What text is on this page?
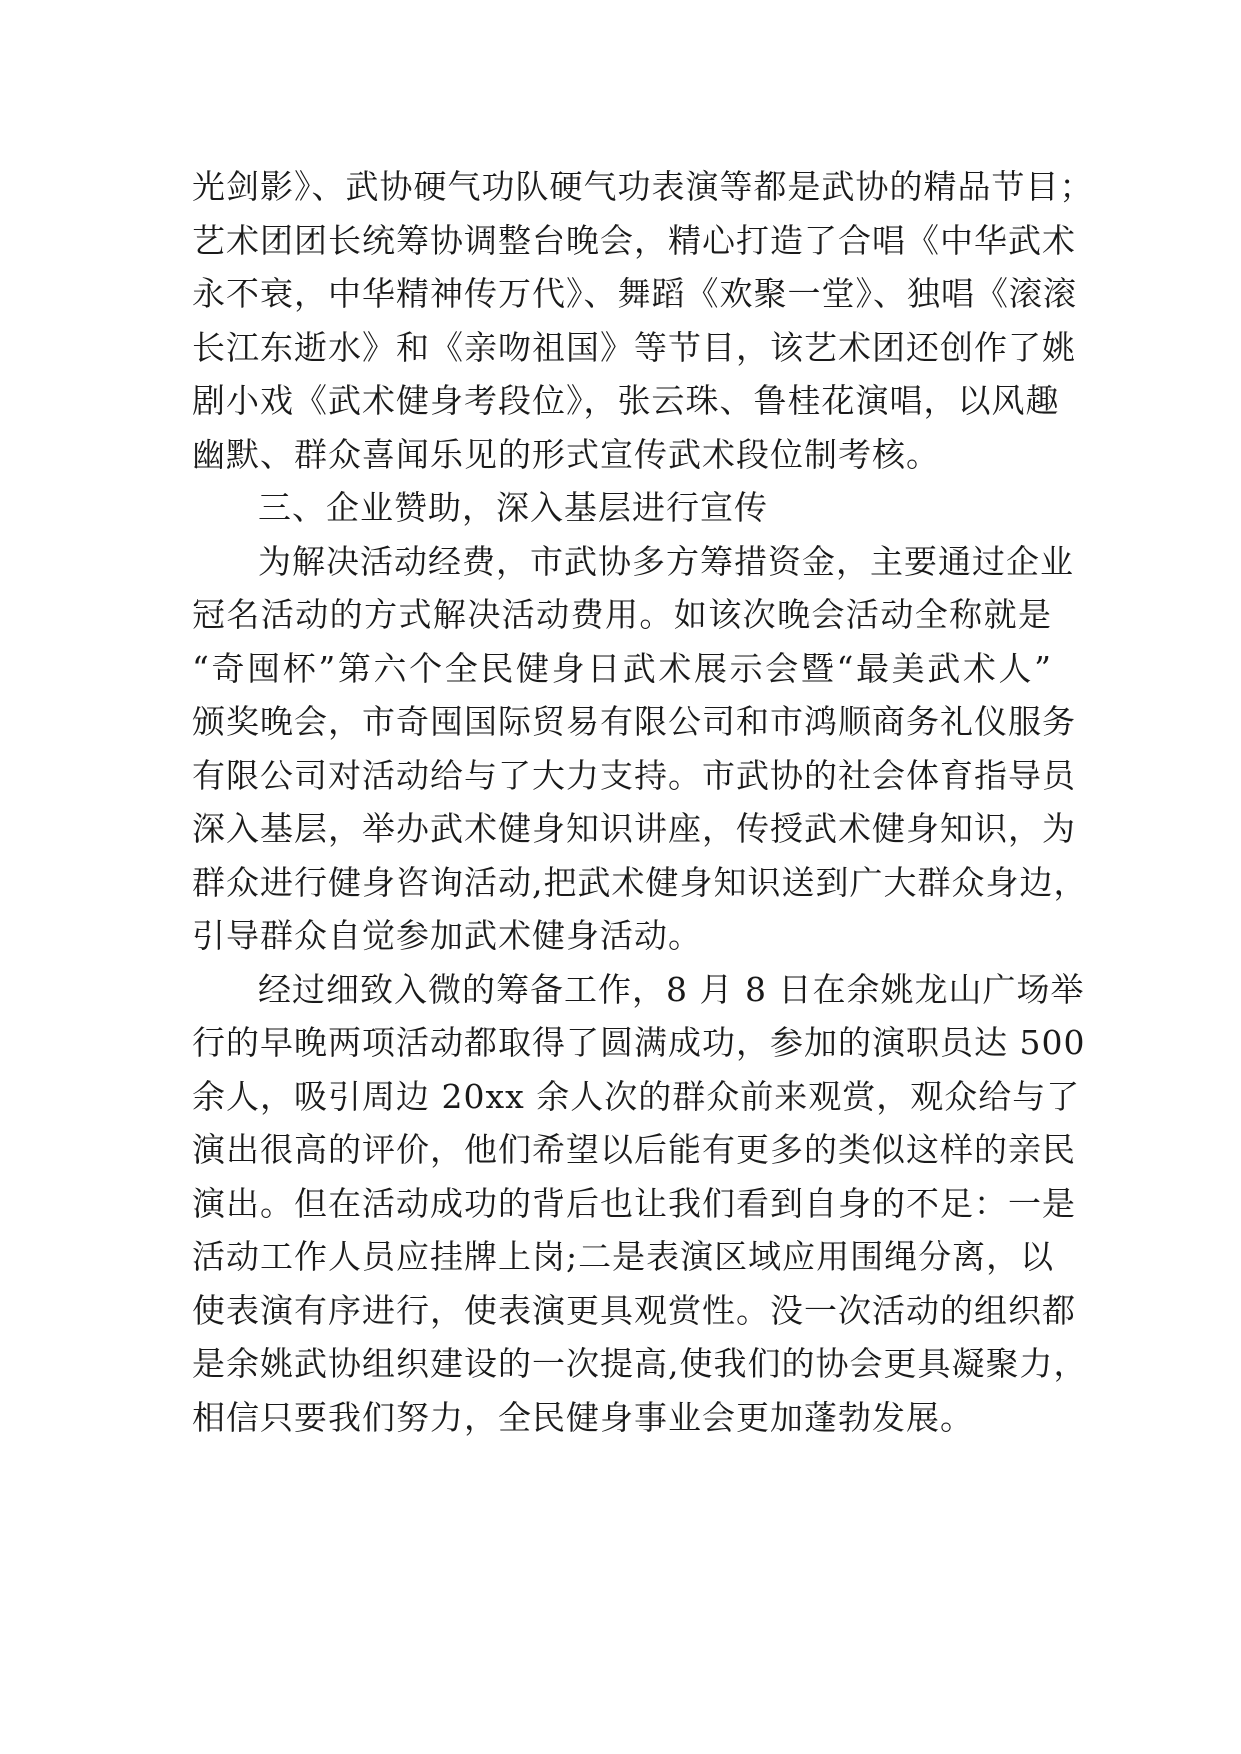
光剑影》、武协硬气功队硬气功表演等都是武协的精品节目；
艺术团团长统筹协调整台晚会，精心打造了合唱《中华武术
永不衰，中华精神传万代》、舞蹈《欢聚一堂》、独唱《滚滚
长江东逝水》和《亲吻祖国》等节目，该艺术团还创作了姚
剧小戏《武术健身考段位》，张云珠、鲁桂花演唱，以风趣
幽默、群众喜闻乐见的形式宣传武术段位制考核。
三、企业赞助，深入基层进行宣传
为解决活动经费，市武协多方筹措资金，主要通过企业
冠名活动的方式解决活动费用。如该次晚会活动全称就是
“奇囤杯”第六个全民健身日武术展示会暨“最美武术人”
颁奖晚会，市奇囤国际贸易有限公司和市鸿顺商务礼仪服务
有限公司对活动给与了大力支持。市武协的社会体育指导员
深入基层，举办武术健身知识讲座，传授武术健身知识，为
群众进行健身咨询活动,把武术健身知识送到广大群众身边，
引导群众自觉参加武术健身活动。
经过细致入微的筹备工作，8 月 8 日在余姚龙山广场举
行的早晚两项活动都取得了圆满成功，参加的演职员达 500
余人，吸引周边 20xx 余人次的群众前来观赏，观众给与了
演出很高的评价，他们希望以后能有更多的类似这样的亲民
演出。但在活动成功的背后也让我们看到自身的不足：一是
活动工作人员应挂牌上岗;二是表演区域应用围绳分离，以
使表演有序进行，使表演更具观赏性。没一次活动的组织都
是余姚武协组织建设的一次提高,使我们的协会更具凝聚力，
相信只要我们努力，全民健身事业会更加蓬勃发展。
